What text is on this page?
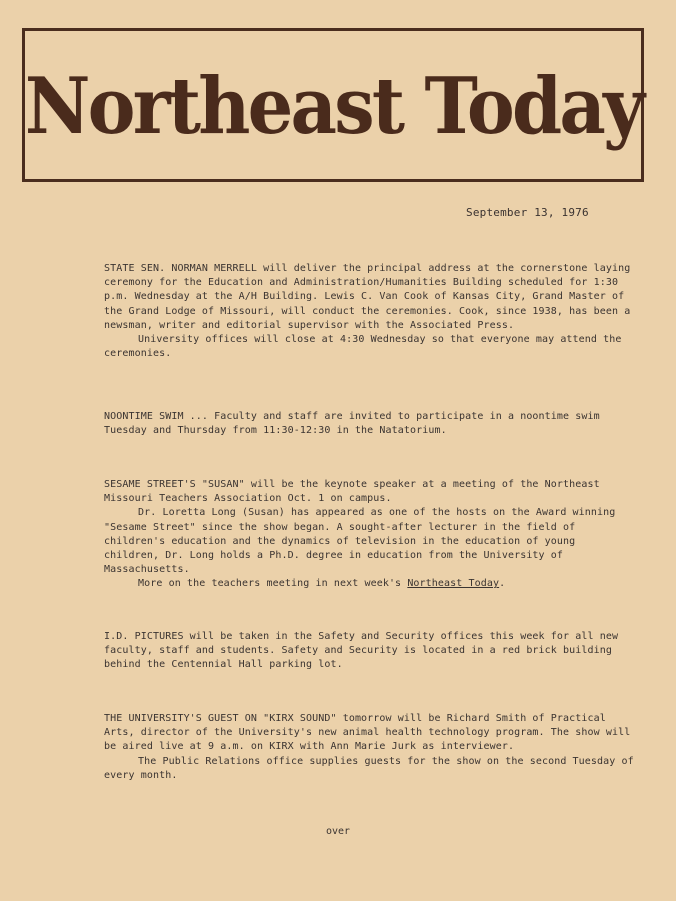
Northeast Today
September 13, 1976

STATE SEN. NORMAN MERRELL will deliver the principal address at the cornerstone laying ceremony for the Education and Administration/Humanities Building scheduled for 1:30 p.m. Wednesday at the A/H Building. Lewis C. Van Cook of Kansas City, Grand Master of the Grand Lodge of Missouri, will conduct the ceremonies. Cook, since 1938, has been a newsman, writer and editorial supervisor with the Associated Press.

University offices will close at 4:30 Wednesday so that everyone may attend the ceremonies.

NOONTIME SWIM ... Faculty and staff are invited to participate in a noontime swim Tuesday and Thursday from 11:30-12:30 in the Natatorium.

SESAME STREET'S "SUSAN" will be the keynote speaker at a meeting of the Northeast Missouri Teachers Association Oct. 1 on campus.

Dr. Loretta Long (Susan) has appeared as one of the hosts on the Award winning "Sesame Street" since the show began. A sought-after lecturer in the field of children's education and the dynamics of television in the education of young children, Dr. Long holds a Ph.D. degree in education from the University of Massachusetts.

More on the teachers meeting in next week's Northeast Today.

I.D. PICTURES will be taken in the Safety and Security offices this week for all new faculty, staff and students. Safety and Security is located in a red brick building behind the Centennial Hall parking lot.

THE UNIVERSITY'S GUEST ON "KIRX SOUND" tomorrow will be Richard Smith of Practical Arts, director of the University's new animal health technology program. The show will be aired live at 9 a.m. on KIRX with Ann Marie Jurk as interviewer.

The Public Relations office supplies guests for the show on the second Tuesday of every month.

over
